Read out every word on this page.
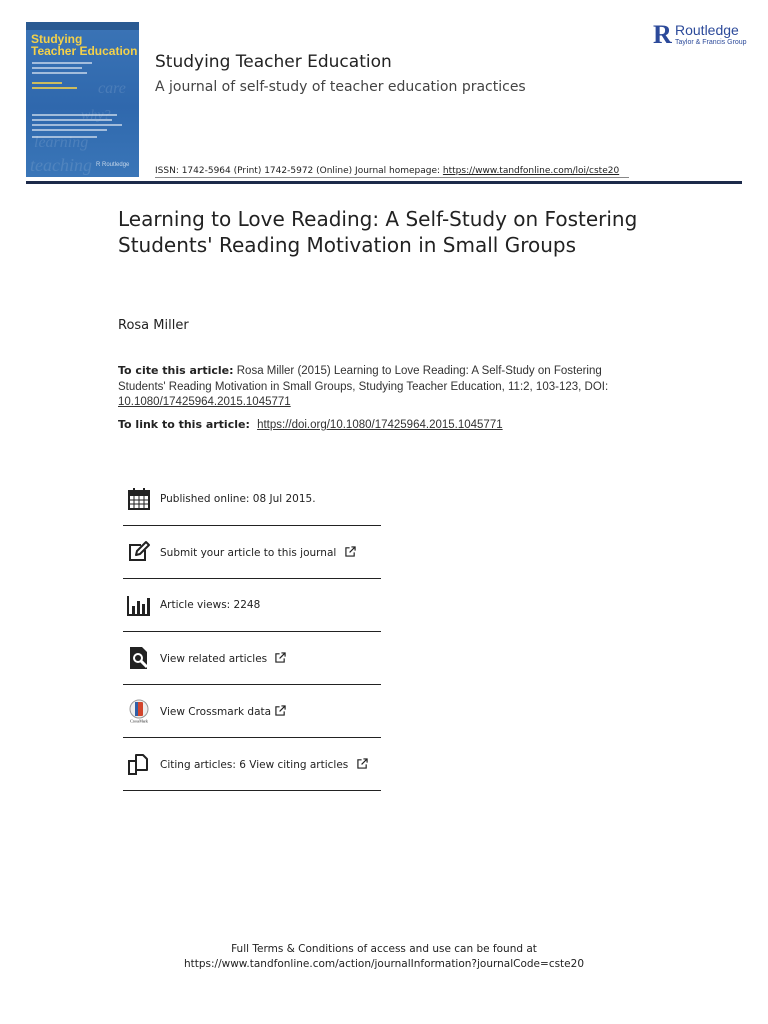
Studying
Teacher Education
care
why?
learning
teaching R Routledge
Studying Teacher Education
A journal of self-study of teacher education practices
ISSN: 1742-5964 (Print) 1742-5972 (Online) Journal homepage: https://www.tandfonline.com/loi/cste20
R Routledge
Taylor & Francis Group
Learning to Love Reading: A Self-Study on Fostering Students' Reading Motivation in Small Groups
Rosa Miller
To cite this article: Rosa Miller (2015) Learning to Love Reading: A Self-Study on Fostering Students' Reading Motivation in Small Groups, Studying Teacher Education, 11:2, 103-123, DOI: 10.1080/17425964.2015.1045771
To link to this article: https://doi.org/10.1080/17425964.2015.1045771
Published online: 08 Jul 2015.
Submit your article to this journal
Article views: 2248
View related articles
CrossMark
View Crossmark data
Citing articles: 6 View citing articles
Full Terms & Conditions of access and use can be found at
https://www.tandfonline.com/action/journalInformation?journalCode=cste20
